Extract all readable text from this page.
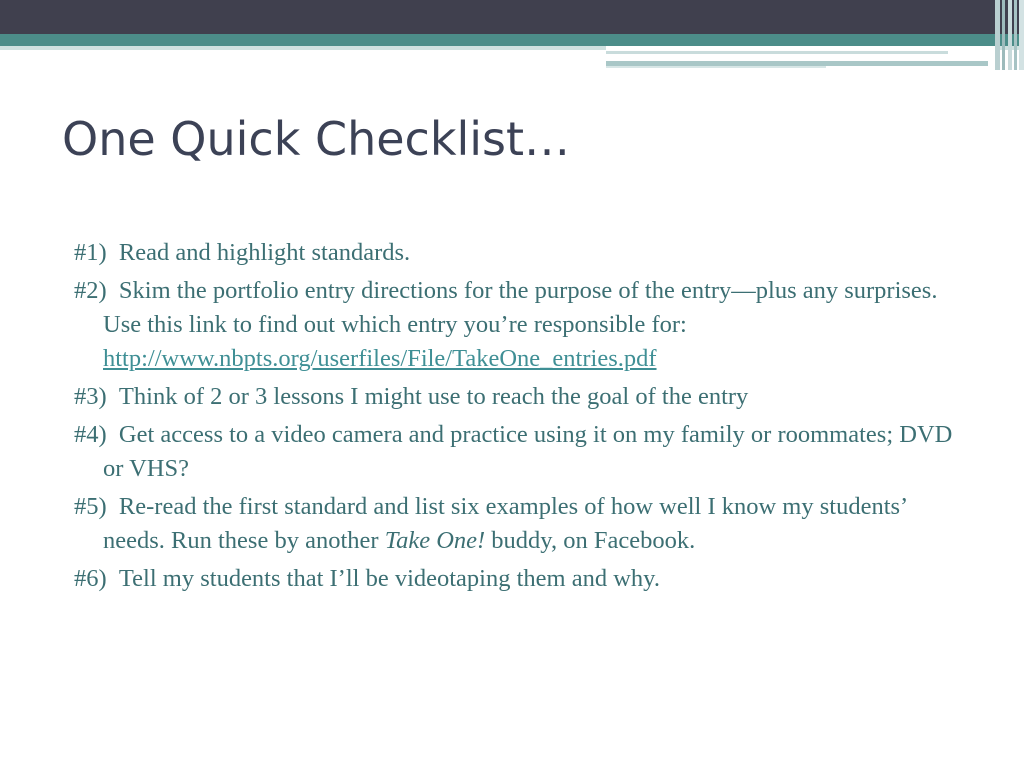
One Quick Checklist…
#1) Read and highlight standards.
#2) Skim the portfolio entry directions for the purpose of the entry—plus any surprises. Use this link to find out which entry you’re responsible for:
http://www.nbpts.org/userfiles/File/TakeOne_entries.pdf
#3) Think of 2 or 3 lessons I might use to reach the goal of the entry
#4) Get access to a video camera and practice using it on my family or roommates; DVD or VHS?
#5) Re-read the first standard and list six examples of how well I know my students’ needs. Run these by another Take One! buddy, on Facebook.
#6) Tell my students that I’ll be videotaping them and why.
